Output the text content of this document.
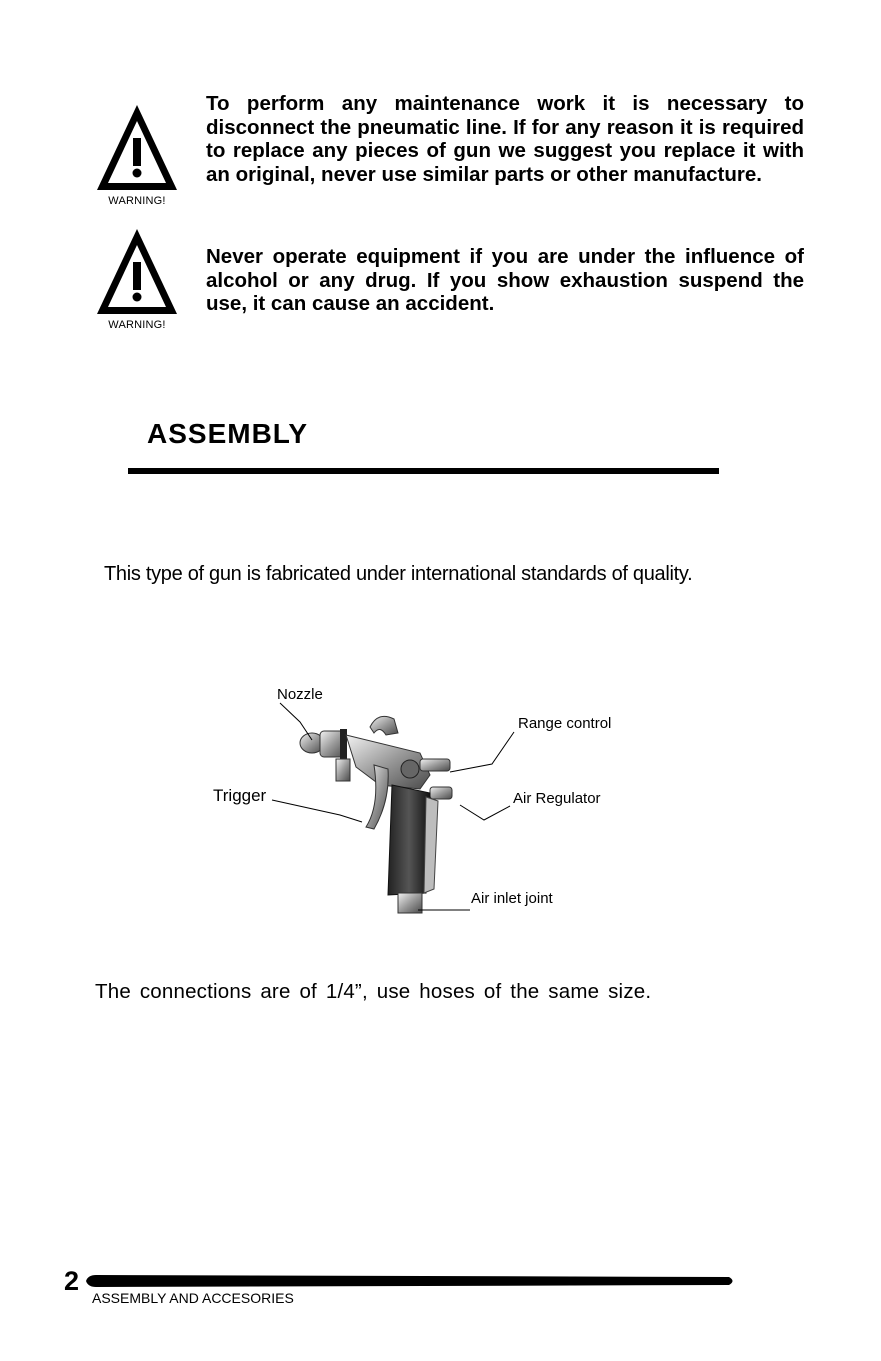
WARNING!
To perform any maintenance work it is necessary to disconnect the pneumatic line. If for any reason it is required to replace any pieces of gun we suggest you replace it with an original, never use similar parts or other manufacture.
WARNING!
Never operate equipment if you are under the influence of alcohol or any drug. If you show exhaustion suspend the use, it can cause an accident.
ASSEMBLY
This type of gun is fabricated under international standards of quality.
Nozzle
Range control
Trigger	Air Regulator
Air inlet joint
The connections are of 1/4”, use hoses of the same size.
2
ASSEMBLY AND ACCESORIES
